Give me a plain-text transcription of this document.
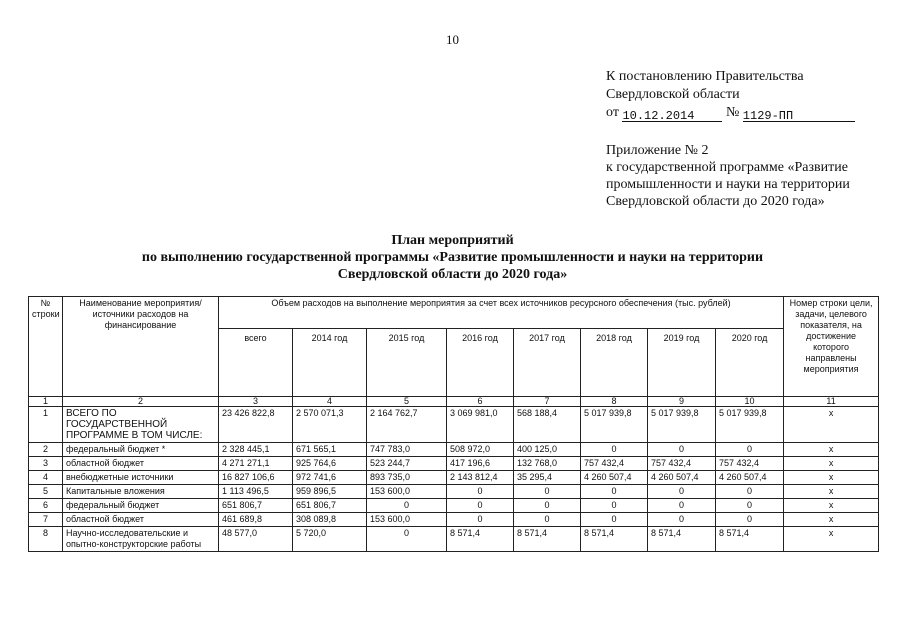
10
К постановлению Правительства
Свердловской области
от 10.12.2014 № 1129-ПП
Приложение № 2
к государственной программе «Развитие
промышленности и науки на территории
Свердловской области до 2020 года»
План мероприятий
по выполнению государственной программы «Развитие промышленности и науки на территории
Свердловской области до 2020 года»
№ строки	Наименование мероприятия/ источники расходов на финансирование	Объем расходов на выполнение мероприятия за счет всех источников ресурсного обеспечения (тыс. рублей)								Номер строки цели, задачи, целевого показателя, на достижение которого направлены мероприятия
		всего	2014 год	2015 год	2016 год	2017 год	2018 год	2019 год	2020 год	
1	2	3	4	5	6	7	8	9	10	11
1	ВСЕГО ПО ГОСУДАРСТВЕННОЙ ПРОГРАММЕ В ТОМ ЧИСЛЕ:	23 426 822,8	2 570 071,3	2 164 762,7	3 069 981,0	568 188,4	5 017 939,8	5 017 939,8	5 017 939,8	x
2	федеральный бюджет *	2 328 445,1	671 565,1	747 783,0	508 972,0	400 125,0	0	0	0	x
3	областной бюджет	4 271 271,1	925 764,6	523 244,7	417 196,6	132 768,0	757 432,4	757 432,4	757 432,4	x
4	внебюджетные источники	16 827 106,6	972 741,6	893 735,0	2 143 812,4	35 295,4	4 260 507,4	4 260 507,4	4 260 507,4	x
5	Капитальные вложения	1 113 496,5	959 896,5	153 600,0	0	0	0	0	0	x
6	федеральный бюджет	651 806,7	651 806,7	0	0	0	0	0	0	x
7	областной бюджет	461 689,8	308 089,8	153 600,0	0	0	0	0	0	x
8	Научно-исследовательские и опытно-конструкторские работы	48 577,0	5 720,0	0	8 571,4	8 571,4	8 571,4	8 571,4	8 571,4	x
